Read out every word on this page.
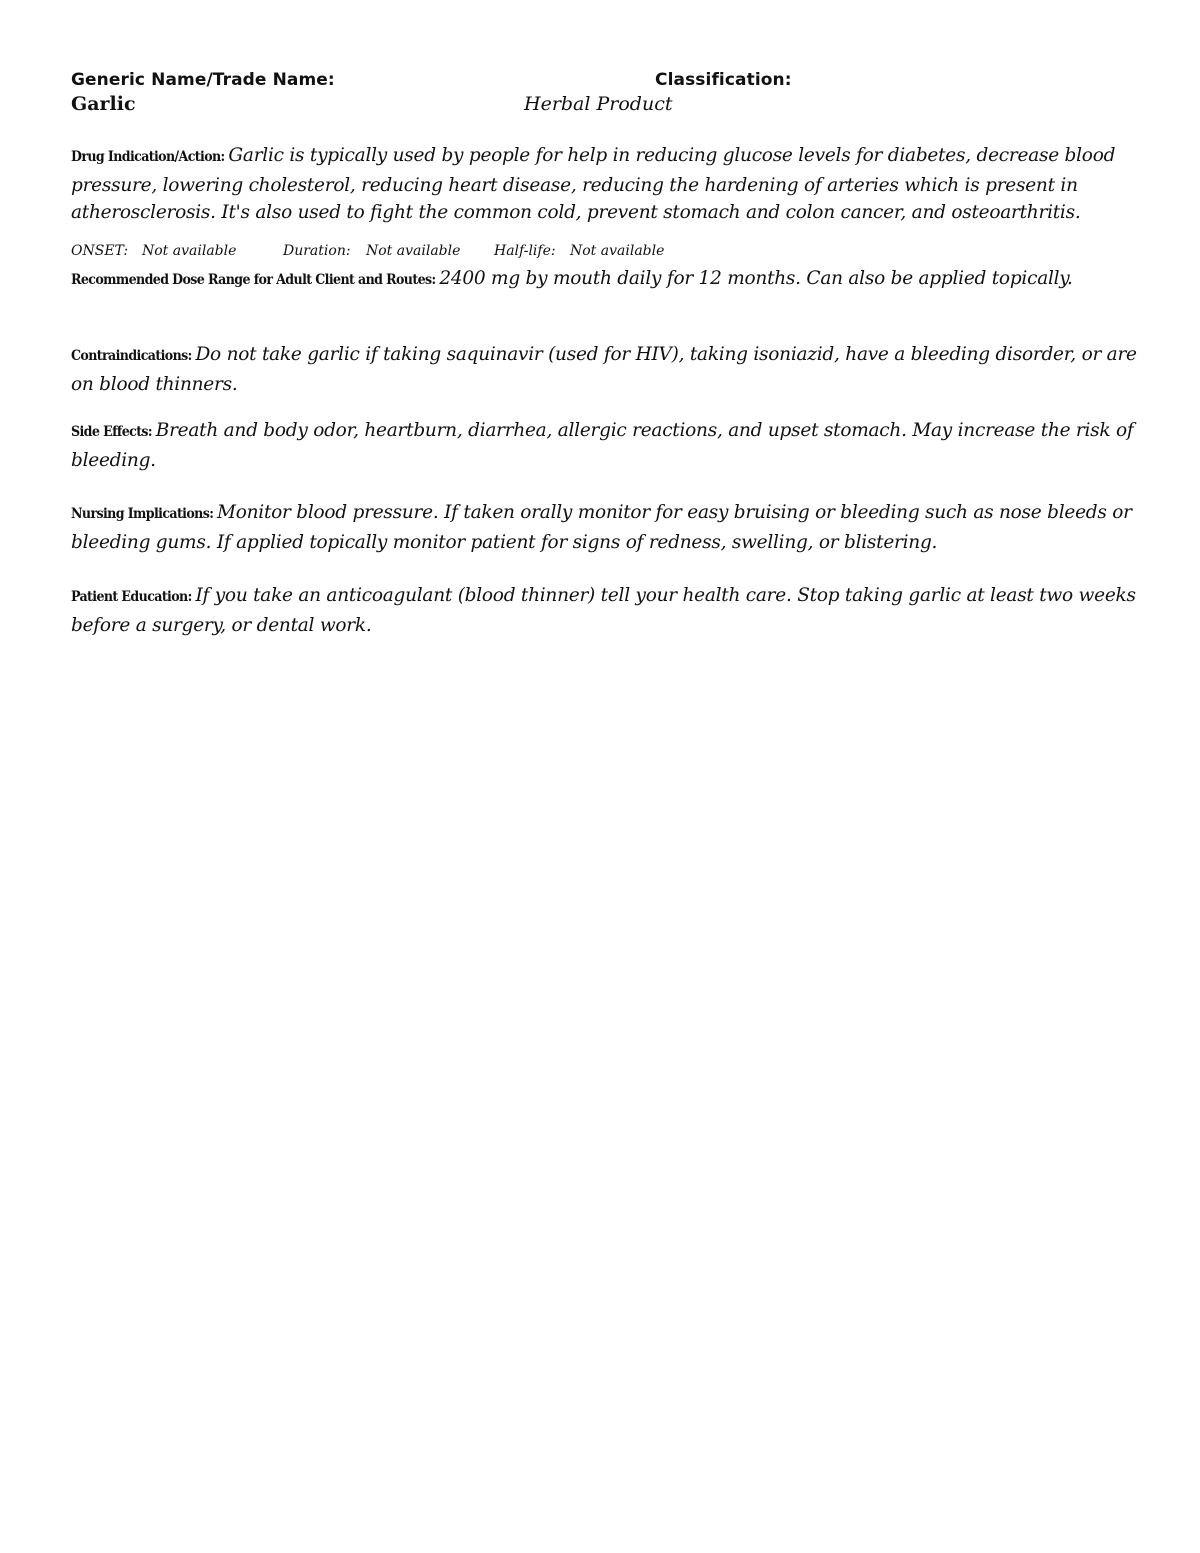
Generic Name/Trade Name:
Garlic
Classification:
Herbal Product
Drug Indication/Action: Garlic is typically used by people for help in reducing glucose levels for diabetes, decrease blood pressure, lowering cholesterol, reducing heart disease, reducing the hardening of arteries which is present in atherosclerosis. It's also used to fight the common cold, prevent stomach and colon cancer, and osteoarthritis.
ONSET: Not available	Duration: Not available Half-life: Not available
Recommended Dose Range for Adult Client and Routes: 2400 mg by mouth daily for 12 months. Can also be applied topically.
Contraindications: Do not take garlic if taking saquinavir (used for HIV), taking isoniazid, have a bleeding disorder, or are on blood thinners.
Side Effects: Breath and body odor, heartburn, diarrhea, allergic reactions, and upset stomach. May increase the risk of bleeding.
Nursing Implications: Monitor blood pressure. If taken orally monitor for easy bruising or bleeding such as nose bleeds or bleeding gums. If applied topically monitor patient for signs of redness, swelling, or blistering.
Patient Education: If you take an anticoagulant (blood thinner) tell your health care. Stop taking garlic at least two weeks before a surgery, or dental work.
